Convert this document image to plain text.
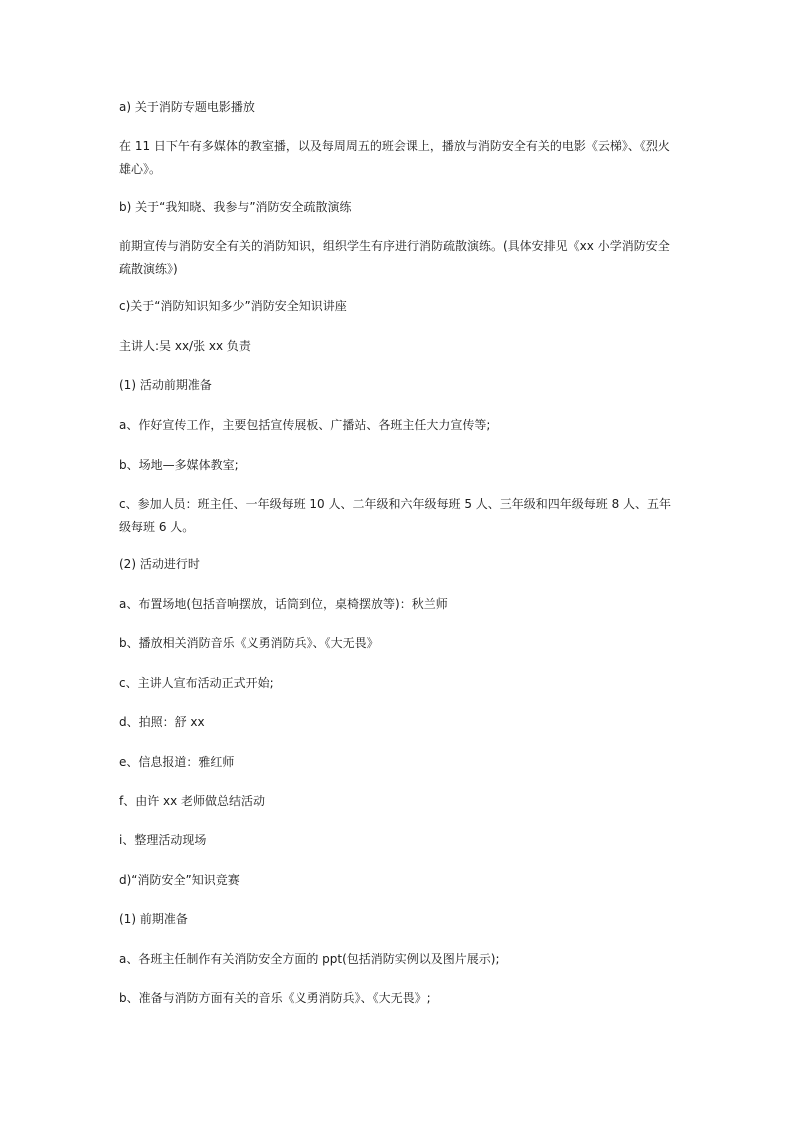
a) 关于消防专题电影播放

在 11 日下午有多媒体的教室播，以及每周周五的班会课上，播放与消防安全有关的电影《云梯》、《烈火雄心》。

b) 关于“我知晓、我参与”消防安全疏散演练

前期宣传与消防安全有关的消防知识，组织学生有序进行消防疏散演练。(具体安排见《xx 小学消防安全疏散演练》)

c)关于“消防知识知多少”消防安全知识讲座

主讲人:吴 xx/张 xx 负责

(1) 活动前期准备

a、作好宣传工作，主要包括宣传展板、广播站、各班主任大力宣传等;

b、场地—多媒体教室;

c、参加人员：班主任、一年级每班 10 人、二年级和六年级每班 5 人、三年级和四年级每班 8 人、五年级每班 6 人。

(2) 活动进行时

a、布置场地(包括音响摆放，话筒到位，桌椅摆放等)：秋兰师

b、播放相关消防音乐《义勇消防兵》、《大无畏》

c、主讲人宣布活动正式开始;

d、拍照：舒 xx

e、信息报道：雅红师

f、由许 xx 老师做总结活动

i、整理活动现场

d)“消防安全”知识竞赛

(1) 前期准备

a、各班主任制作有关消防安全方面的 ppt(包括消防实例以及图片展示);

b、准备与消防方面有关的音乐《义勇消防兵》、《大无畏》;
